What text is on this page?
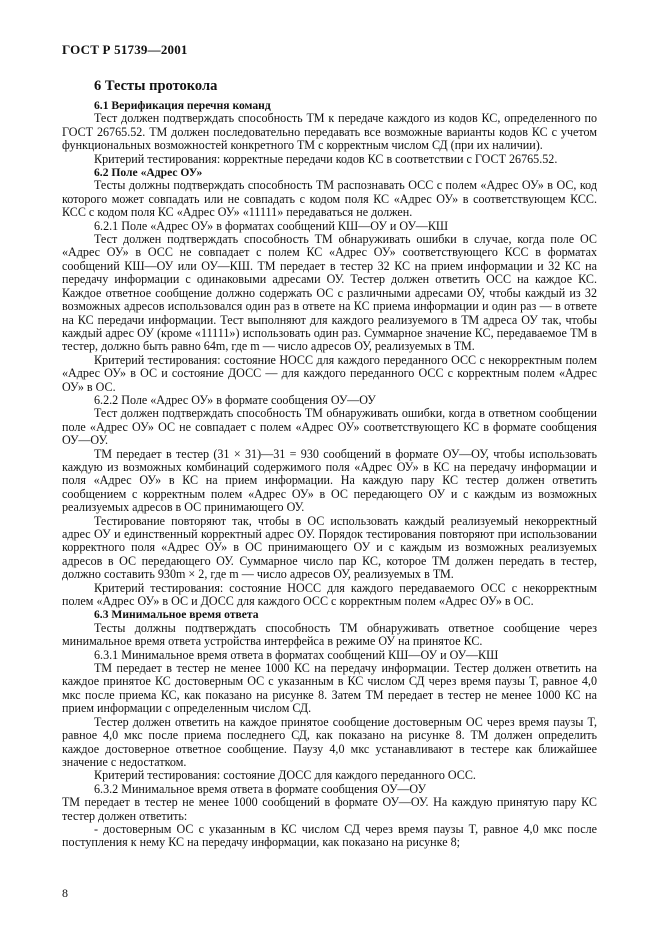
ГОСТ Р 51739—2001

6 Тесты протокола

6.1 Верификация перечня команд

Тест должен подтверждать способность ТМ к передаче каждого из кодов КС, определенного по ГОСТ 26765.52. ТМ должен последовательно передавать все возможные варианты кодов КС с учетом функциональных возможностей конкретного ТМ с корректным числом СД (при их наличии).

Критерий тестирования: корректные передачи кодов КС в соответствии с ГОСТ 26765.52.

6.2 Поле «Адрес ОУ»

Тесты должны подтверждать способность ТМ распознавать ОСС с полем «Адрес ОУ» в ОС, код которого может совпадать или не совпадать с кодом поля КС «Адрес ОУ» в соответствующем КСС. КСС с кодом поля КС «Адрес ОУ» «11111» передаваться не должен.

6.2.1 Поле «Адрес ОУ» в форматах сообщений КШ—ОУ и ОУ—КШ

Тест должен подтверждать способность ТМ обнаруживать ошибки в случае, когда поле ОС «Адрес ОУ» в ОСС не совпадает с полем КС «Адрес ОУ» соответствующего КСС в форматах сообщений КШ—ОУ или ОУ—КШ. ТМ передает в тестер 32 КС на прием информации и 32 КС на передачу информации с одинаковыми адресами ОУ. Тестер должен ответить ОСС на каждое КС. Каждое ответное сообщение должно содержать ОС с различными адресами ОУ, чтобы каждый из 32 возможных адресов использовался один раз в ответе на КС приема информации и один раз — в ответе на КС передачи информации. Тест выполняют для каждого реализуемого в ТМ адреса ОУ так, чтобы каждый адрес ОУ (кроме «11111») использовать один раз. Суммарное значение КС, передаваемое ТМ в тестер, должно быть равно 64m, где m — число адресов ОУ, реализуемых в ТМ.

Критерий тестирования: состояние НОСС для каждого переданного ОСС с некорректным полем «Адрес ОУ» в ОС и состояние ДОСС — для каждого переданного ОСС с корректным полем «Адрес ОУ» в ОС.

6.2.2 Поле «Адрес ОУ» в формате сообщения ОУ—ОУ

Тест должен подтверждать способность ТМ обнаруживать ошибки, когда в ответном сообщении поле «Адрес ОУ» ОС не совпадает с полем «Адрес ОУ» соответствующего КС в формате сообщения ОУ—ОУ.

ТМ передает в тестер (31 × 31)—31 = 930 сообщений в формате ОУ—ОУ, чтобы использовать каждую из возможных комбинаций содержимого поля «Адрес ОУ» в КС на передачу информации и поля «Адрес ОУ» в КС на прием информации. На каждую пару КС тестер должен ответить сообщением с корректным полем «Адрес ОУ» в ОС передающего ОУ и с каждым из возможных реализуемых адресов в ОС принимающего ОУ.

Тестирование повторяют так, чтобы в ОС использовать каждый реализуемый некорректный адрес ОУ и единственный корректный адрес ОУ. Порядок тестирования повторяют при использовании корректного поля «Адрес ОУ» в ОС принимающего ОУ и с каждым из возможных реализуемых адресов в ОС передающего ОУ. Суммарное число пар КС, которое ТМ должен передать в тестер, должно составить 930m × 2, где m — число адресов ОУ, реализуемых в ТМ.

Критерий тестирования: состояние НОСС для каждого передаваемого ОСС с некорректным полем «Адрес ОУ» в ОС и ДОСС для каждого ОСС с корректным полем «Адрес ОУ» в ОС.

6.3 Минимальное время ответа

Тесты должны подтверждать способность ТМ обнаруживать ответное сообщение через минимальное время ответа устройства интерфейса в режиме ОУ на принятое КС.

6.3.1 Минимальное время ответа в форматах сообщений КШ—ОУ и ОУ—КШ

ТМ передает в тестер не менее 1000 КС на передачу информации. Тестер должен ответить на каждое принятое КС достоверным ОС с указанным в КС числом СД через время паузы T, равное 4,0 мкс после приема КС, как показано на рисунке 8. Затем ТМ передает в тестер не менее 1000 КС на прием информации с определенным числом СД.

Тестер должен ответить на каждое принятое сообщение достоверным ОС через время паузы T, равное 4,0 мкс после приема последнего СД, как показано на рисунке 8. ТМ должен определить каждое достоверное ответное сообщение. Паузу 4,0 мкс устанавливают в тестере как ближайшее значение с недостатком.

Критерий тестирования: состояние ДОСС для каждого переданного ОСС.

6.3.2 Минимальное время ответа в формате сообщения ОУ—ОУ

ТМ передает в тестер не менее 1000 сообщений в формате ОУ—ОУ. На каждую принятую пару КС тестер должен ответить:

- достоверным ОС с указанным в КС числом СД через время паузы T, равное 4,0 мкс после поступления к нему КС на передачу информации, как показано на рисунке 8;

8
